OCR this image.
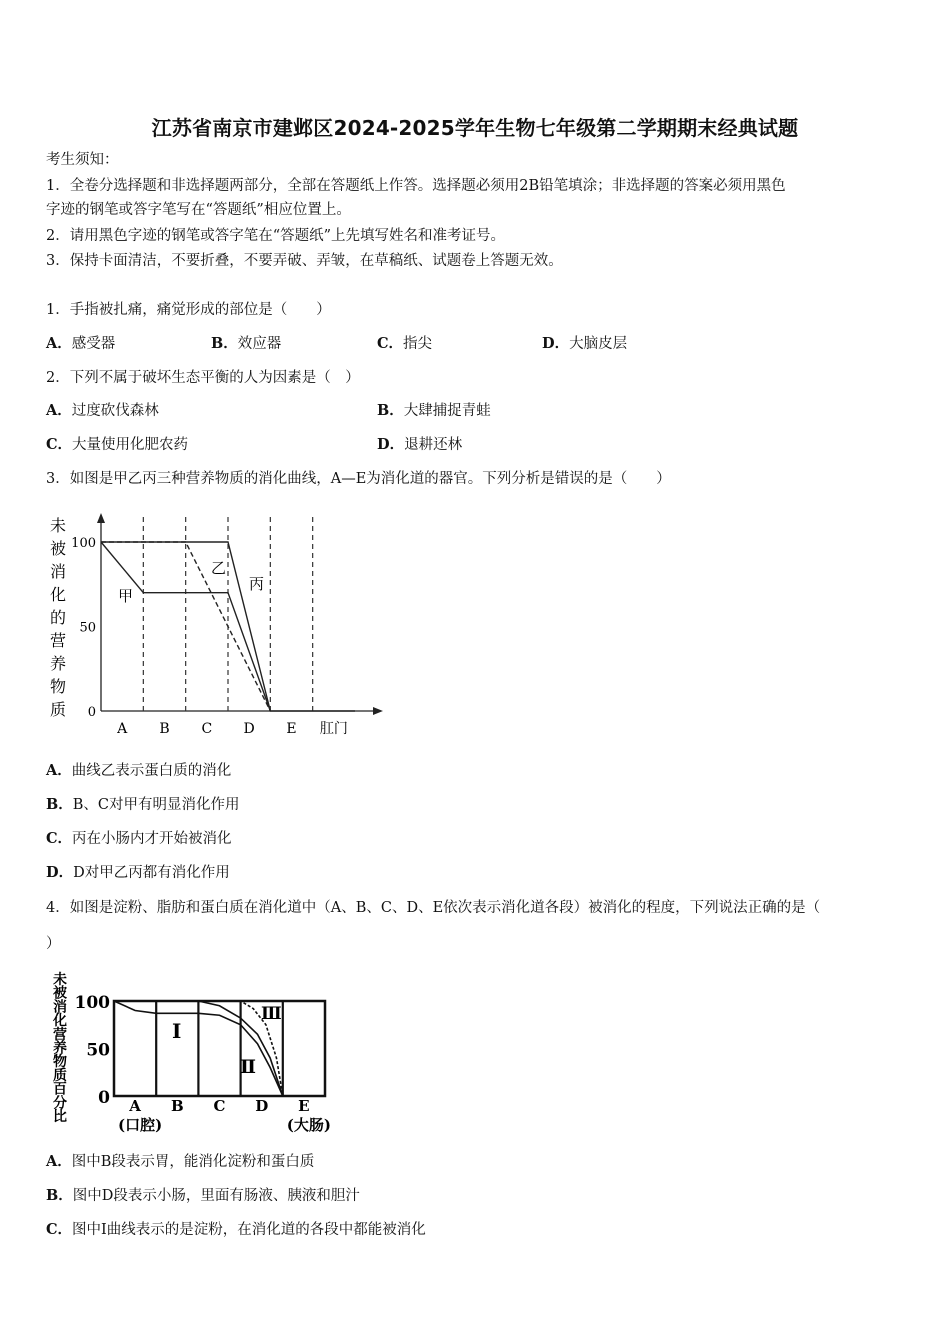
江苏省南京市建邺区2024-2025学年生物七年级第二学期期末经典试题
考生须知：
1．全卷分选择题和非选择题两部分，全部在答题纸上作答。选择题必须用2B铅笔填涂；非选择题的答案必须用黑色
字迹的钢笔或答字笔写在“答题纸”相应位置上。
2．请用黑色字迹的钢笔或答字笔在“答题纸”上先填写姓名和准考证号。
3．保持卡面清洁，不要折叠，不要弄破、弄皱，在草稿纸、试题卷上答题无效。
1．手指被扎痛，痛觉形成的部位是（　　）
A．感受器	B．效应器	C．指尖	D．大脑皮层
2．下列不属于破坏生态平衡的人为因素是（　）
A．过度砍伐森林	B．大肆捕捉青蛙
C．大量使用化肥农药	D．退耕还林
3．如图是甲乙丙三种营养物质的消化曲线，A—E为消化道的器官。下列分析是错误的是（　　）
未
被
消
化
的
营
养
物
质
100
50
0
A B C D E 肛门
甲
乙
丙
A．曲线乙表示蛋白质的消化
B．B、C对甲有明显消化作用
C．丙在小肠内才开始被消化
D．D对甲乙丙都有消化作用
4．如图是淀粉、脂肪和蛋白质在消化道中（A、B、C、D、E依次表示消化道各段）被消化的程度，下列说法正确的是（
）
未
被
消
化
营
养
物
质
百
分
比
100
50
0 A B C D E
(口腔)	(大肠)
Ⅰ
Ⅱ
Ⅲ
A．图中B段表示胃，能消化淀粉和蛋白质
B．图中D段表示小肠，里面有肠液、胰液和胆汁
C．图中Ⅰ曲线表示的是淀粉，在消化道的各段中都能被消化
